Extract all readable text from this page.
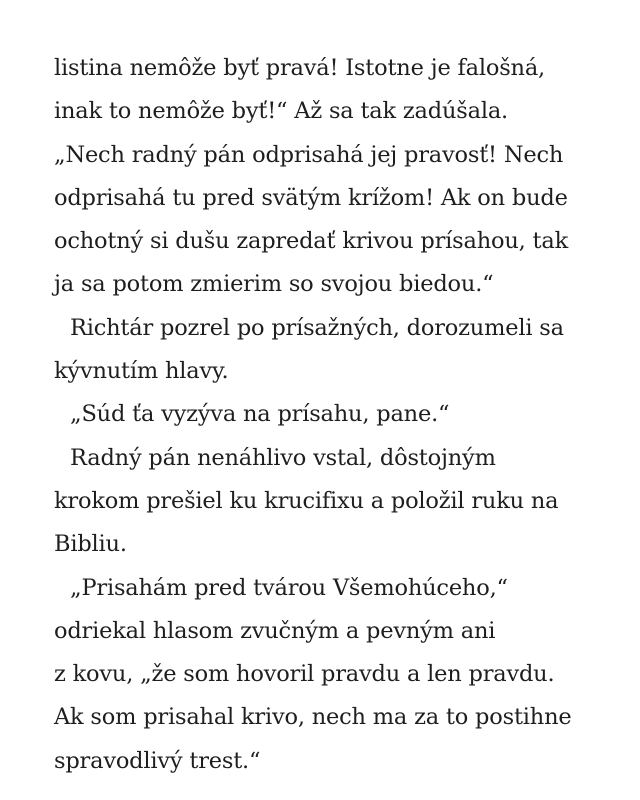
listina nemôže byť pravá! Istotne je falošná,
inak to nemôže byť!“ Až sa tak zadúšala.
„Nech radný pán odprisahá jej pravosť! Nech
odprisahá tu pred svätým krížom! Ak on bude
ochotný si dušu zapredať krivou prísahou, tak
ja sa potom zmierim so svojou biedou.“
Richtár pozrel po prísažných, dorozumeli sa
kývnutím hlavy.
„Súd ťa vyzýva na prísahu, pane.“
Radný pán nenáhlivo vstal, dôstojným
krokom prešiel ku krucifixu a položil ruku na
Bibliu.
„Prisahám pred tvárou Všemohúceho,“
odriekal hlasom zvučným a pevným ani
z kovu, „že som hovoril pravdu a len pravdu.
Ak som prisahal krivo, nech ma za to postihne
spravodlivý trest.“
